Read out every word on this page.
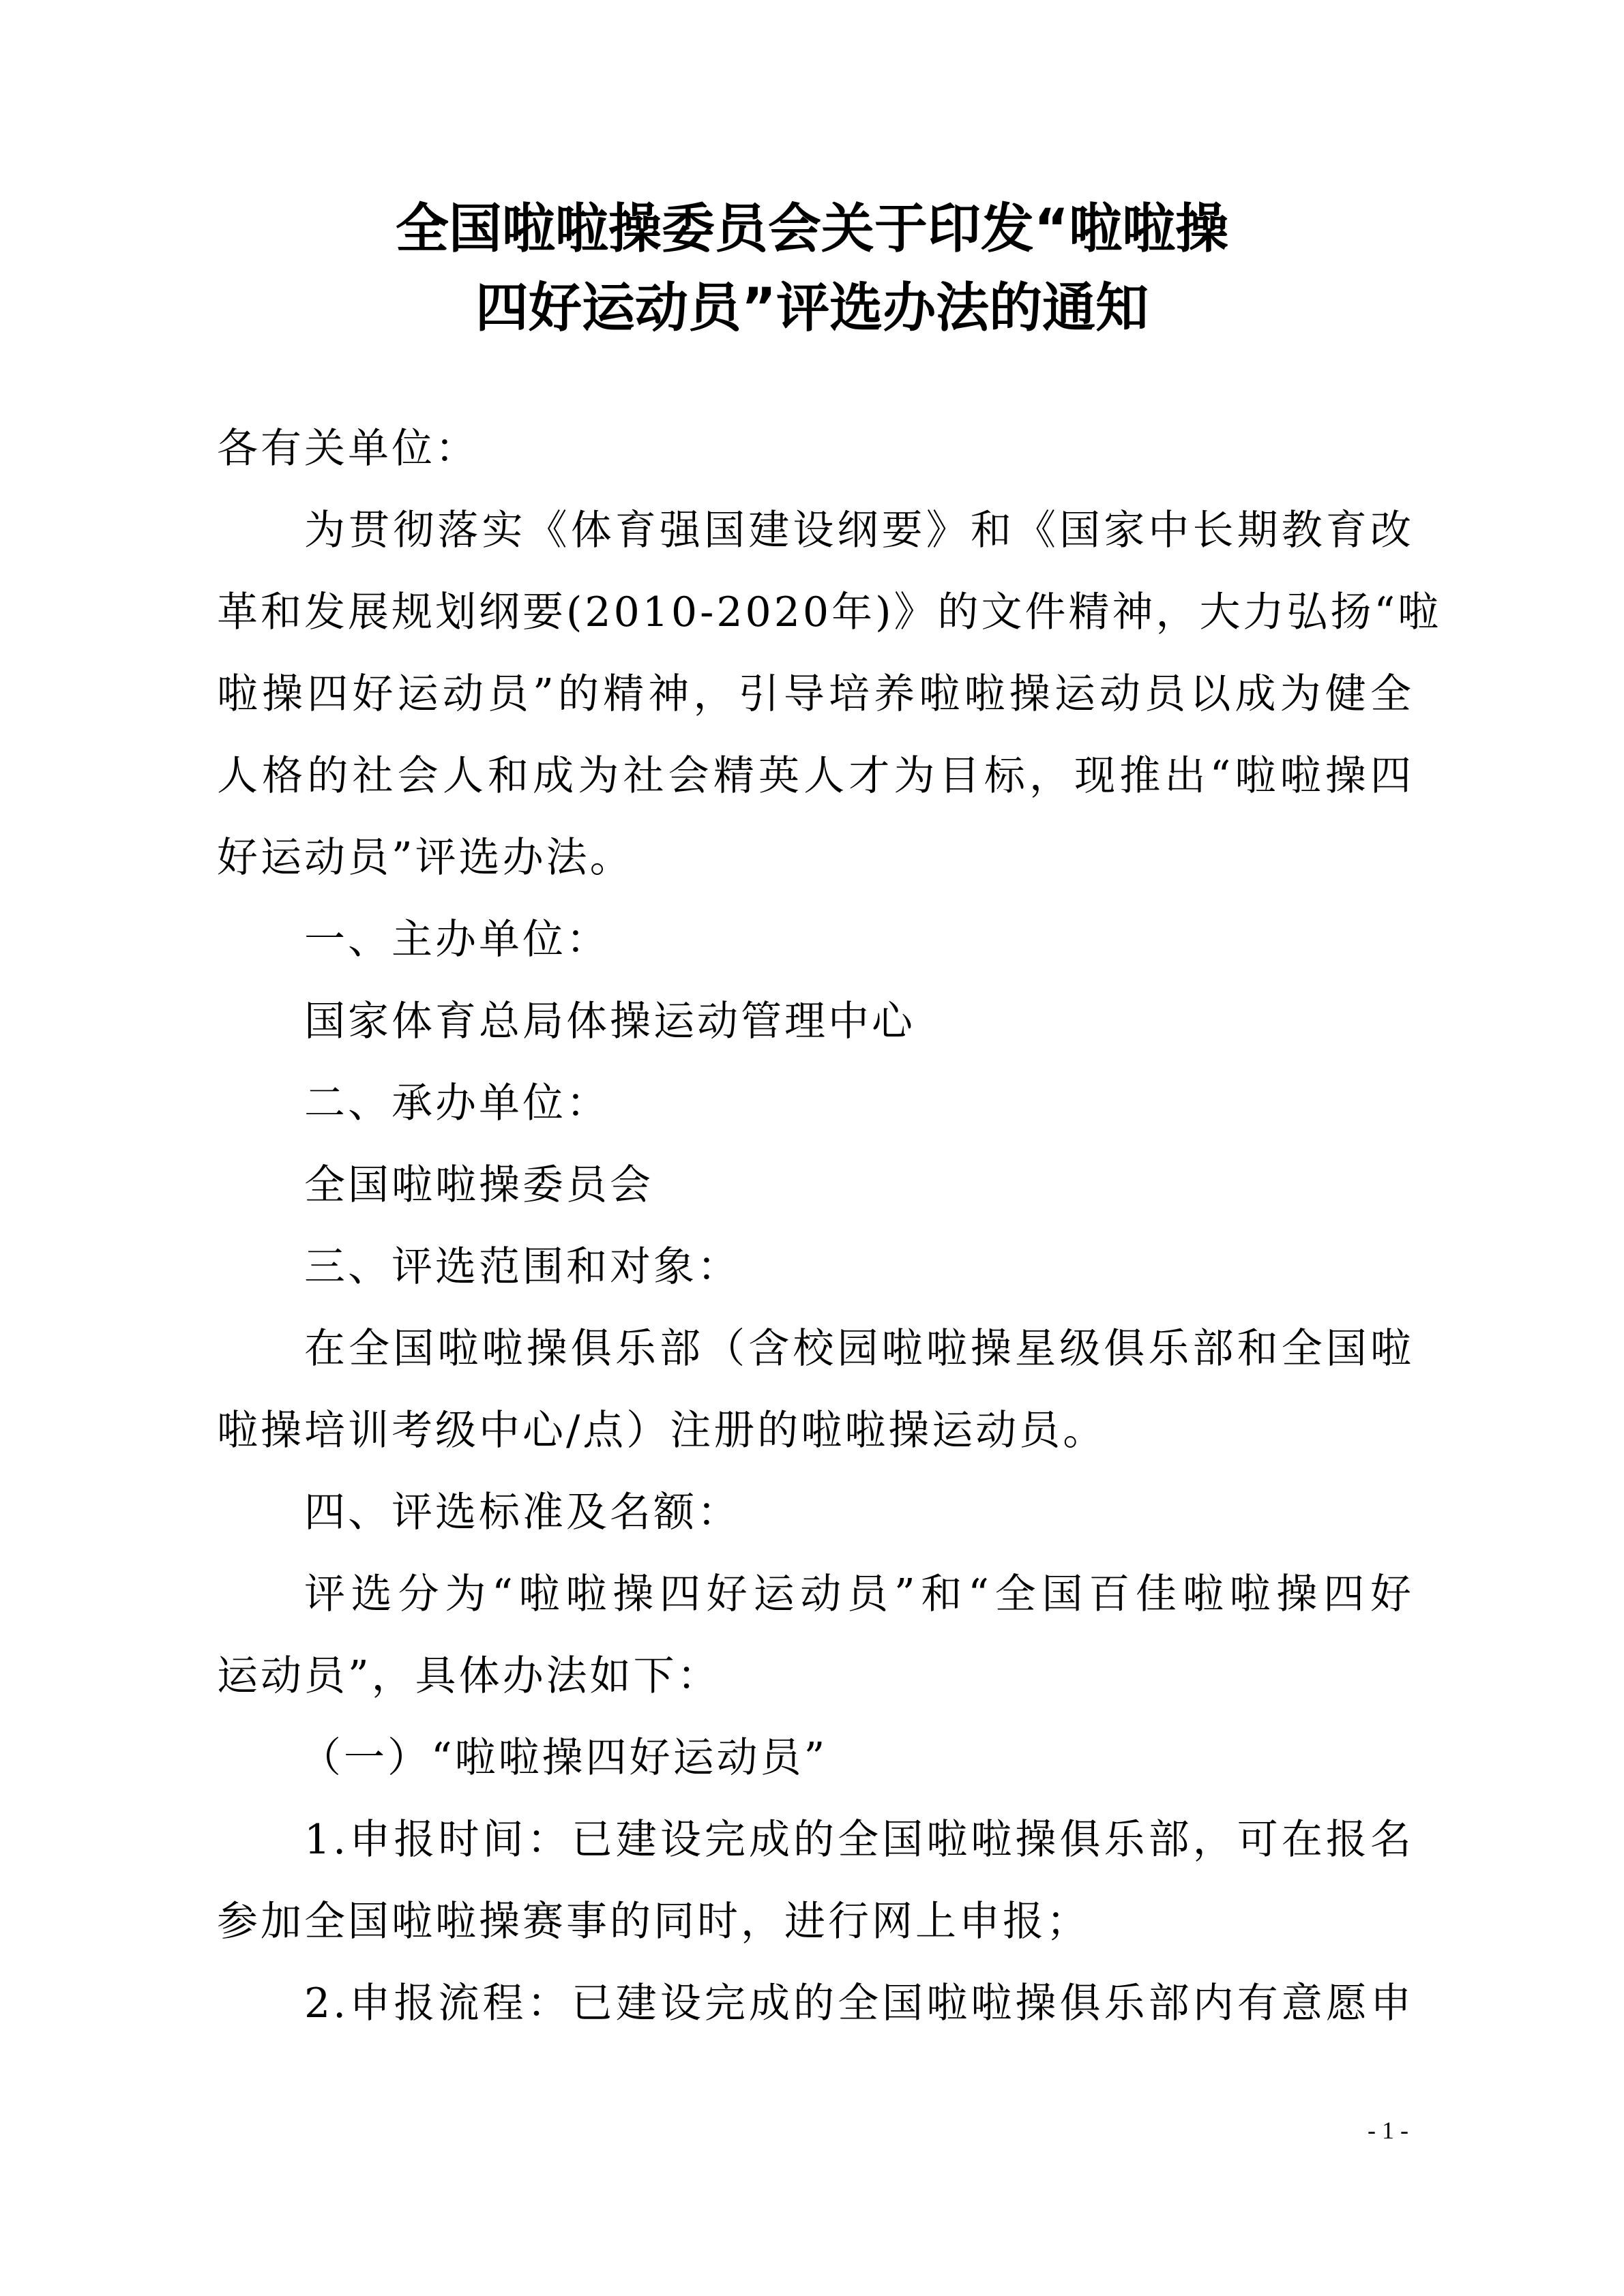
全国啦啦操委员会关于印发“啦啦操
四好运动员”评选办法的通知
各有关单位：
为贯彻落实《体育强国建设纲要》和《国家中长期教育改
革和发展规划纲要(2010-2020年)》的文件精神，大力弘扬“啦
啦操四好运动员”的精神，引导培养啦啦操运动员以成为健全
人格的社会人和成为社会精英人才为目标，现推出“啦啦操四
好运动员”评选办法。
一、主办单位：
国家体育总局体操运动管理中心
二、承办单位：
全国啦啦操委员会
三、评选范围和对象：
在全国啦啦操俱乐部（含校园啦啦操星级俱乐部和全国啦
啦操培训考级中心/点）注册的啦啦操运动员。
四、评选标准及名额：
评选分为“啦啦操四好运动员”和“全国百佳啦啦操四好
运动员”，具体办法如下：
（一）“啦啦操四好运动员”
1.申报时间：已建设完成的全国啦啦操俱乐部，可在报名
参加全国啦啦操赛事的同时，进行网上申报；
2.申报流程：已建设完成的全国啦啦操俱乐部内有意愿申
- 1 -
